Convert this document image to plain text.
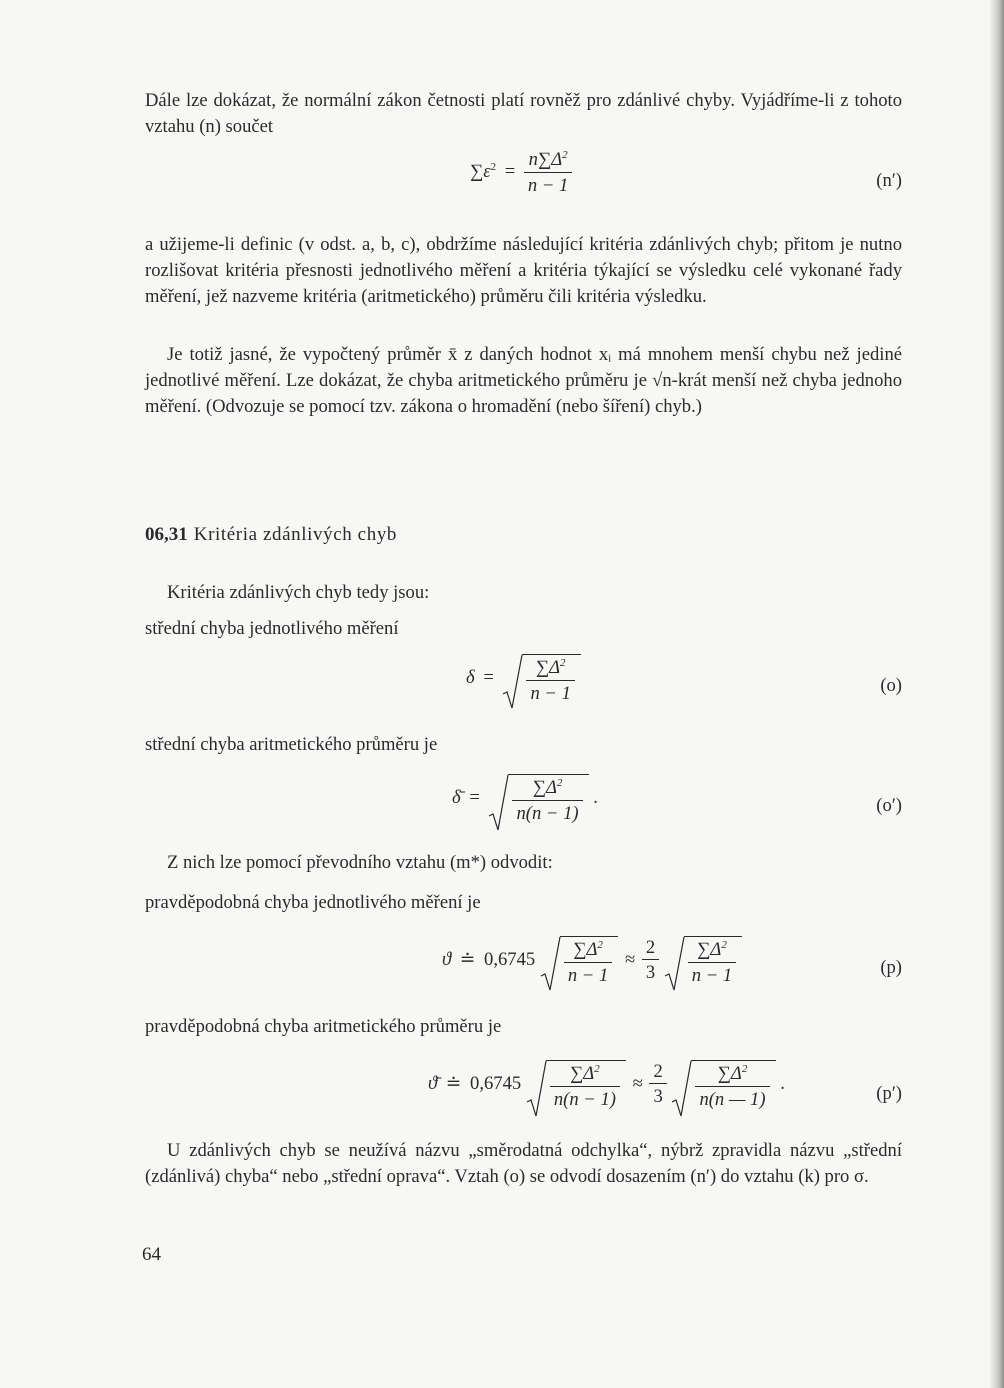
Dále lze dokázat, že normální zákon četnosti platí rovněž pro zdánlivé chyby. Vyjádříme-li z tohoto vztahu (n) součet

$\sum\varepsilon^2 = \frac{n\sum\Delta^2}{n - 1}$	(n′)

a užijeme-li definic (v odst. a, b, c), obdržíme následující kritéria zdánlivých chyb; přitom je nutno rozlišovat kritéria přesnosti jednotlivého měření a kritéria týkající se výsledku celé vykonané řady měření, jež nazveme kritéria (aritmetického) průměru čili kritéria výsledku.

Je totiž jasné, že vypočtený průměr x̄ z daných hodnot xᵢ má mnohem menší chybu než jediné jednotlivé měření. Lze dokázat, že chyba aritmetického průměru je √n-krát menší než chyba jednoho měření. (Odvozuje se pomocí tzv. zákona o hromadění (nebo šíření) chyb.)

06,31 Kritéria zdánlivých chyb
Kritéria zdánlivých chyb tedy jsou:
střední chyba jednotlivého měření
$\delta = \frac{\sum\Delta^2}{n - 1}$	(o)
střední chyba aritmetického průměru je
δ̄ = $\frac{\sum\Delta^2}{n(n - 1)}$ .	(o′)
Z nich lze pomocí převodního vztahu (m*) odvodit:
pravděpodobná chyba jednotlivého měření je
ϑ ≐ $0,6745 \frac{\sum\Delta^2}{n - 1} \approx \frac{2}{3}$
$\frac{\sum\Delta^2}{n - 1}$	(p)
pravděpodobná chyba aritmetického průměru je
ϑ̄ ≐ $0,6745 \frac{\sum\Delta^2}{n(n - 1)} \approx \frac{2}{3}$
$\frac{\sum\Delta^2}{n(n — 1)}$ .	(p′)

U zdánlivých chyb se neužívá názvu „směrodatná odchylka“, nýbrž zpravidla názvu „střední (zdánlivá) chyba“ nebo „střední oprava“. Vztah (o) se odvodí dosazením (n′) do vztahu (k) pro σ.

64
